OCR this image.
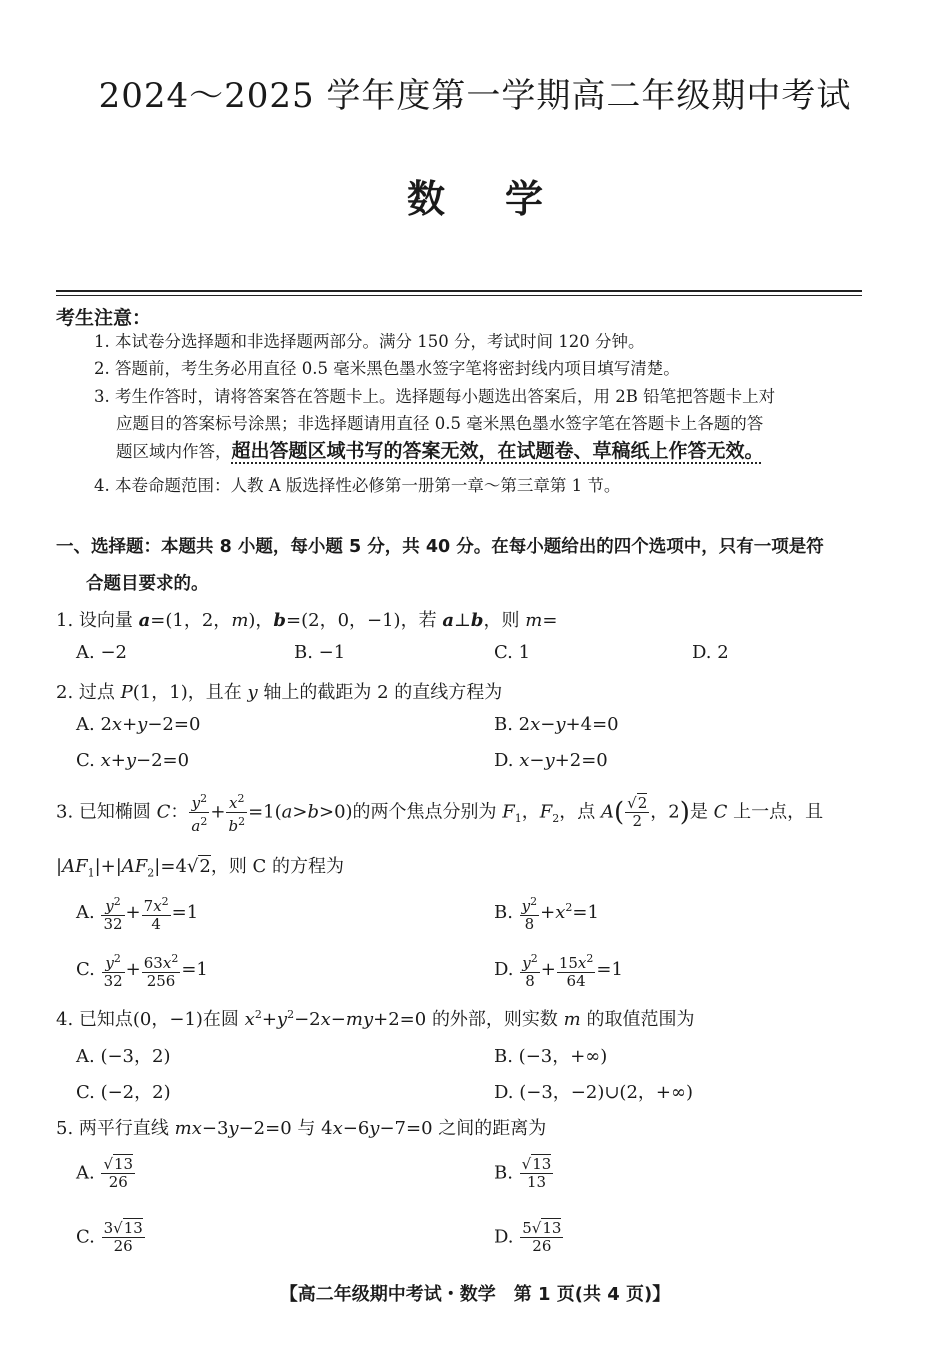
2024～2025 学年度第一学期高二年级期中考试
数学
考生注意：
1. 本试卷分选择题和非选择题两部分。满分 150 分，考试时间 120 分钟。
2. 答题前，考生务必用直径 0.5 毫米黑色墨水签字笔将密封线内项目填写清楚。
3. 考生作答时，请将答案答在答题卡上。选择题每小题选出答案后，用 2B 铅笔把答题卡上对
应题目的答案标号涂黑；非选择题请用直径 0.5 毫米黑色墨水签字笔在答题卡上各题的答
题区域内作答，超出答题区域书写的答案无效，在试题卷、草稿纸上作答无效。
4. 本卷命题范围：人教 A 版选择性必修第一册第一章～第三章第 1 节。
一、选择题：本题共 8 小题，每小题 5 分，共 40 分。在每小题给出的四个选项中，只有一项是符
合题目要求的。
1. 设向量 a=(1，2，m)，b=(2，0，−1)，若 a⊥b，则 m=
A. −2	B. −1	C. 1	D. 2
2. 过点 P(1，1)，且在 y 轴上的截距为 2 的直线方程为
A. 2x+y−2=0	B. 2x−y+4=0
C. x+y−2=0	D. x−y+2=0
3. 已知椭圆 C： $\frac{y^2}{a^2} + \frac{x^2}{b^2} =1(a>b>0)$的两个焦点分别为 $F_1$，$F_2$，点 $A( \frac{√2}{2}$ ，2)是 C 上一点，且
$|AF_1|+|AF_2|=4√2$，则 C 的方程为
A. $\frac{y^2}{32} + \frac{7x^2}{4} =1$	B. $\frac{y^2}{8} +x^2=1$
C. $\frac{y^2}{32} + \frac{63x^2}{256} =1$	D. $\frac{y^2}{8} + \frac{15x^2}{64} =1$
4. 已知点(0，−1)在圆 $x^2+y^2-2x-my+2=0$ 的外部，则实数 m 的取值范围为
A. (−3，2)	B. (−3，+∞)
C. (−2，2)	D. (−3，−2)∪(2，+∞)
5. 两平行直线 mx−3y−2=0 与 4x−6y−7=0 之间的距离为
A. $\frac{√13}{26}$	B. $\frac{√13}{13}$
C. $\frac{3√13}{26}$	D. $\frac{5√13}{26}$
【高二年级期中考试・数学　第 1 页(共 4 页)】
